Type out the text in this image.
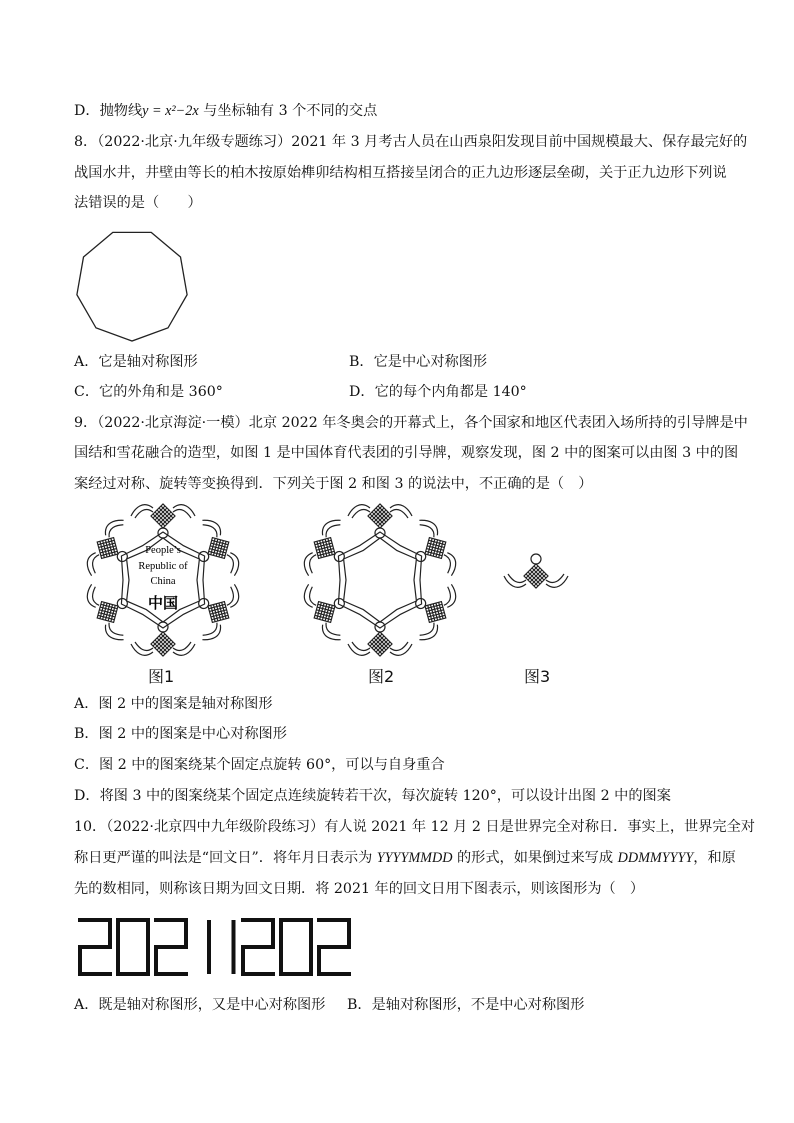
D．抛物线y = x²−2x 与坐标轴有 3 个不同的交点
8．（2022·北京·九年级专题练习）2021 年 3 月考古人员在山西泉阳发现目前中国规模最大、保存最完好的
战国水井，井壁由等长的柏木按原始榫卯结构相互搭接呈闭合的正九边形逐层垒砌，关于正九边形下列说
法错误的是（　　）
A．它是轴对称图形	B．它是中心对称图形
C．它的外角和是 360°	D．它的每个内角都是 140°
9．（2022·北京海淀·一模）北京 2022 年冬奥会的开幕式上，各个国家和地区代表团入场所持的引导牌是中
国结和雪花融合的造型，如图 1 是中国体育代表团的引导牌，观察发现，图 2 中的图案可以由图 3 中的图
案经过对称、旋转等变换得到．下列关于图 2 和图 3 的说法中，不正确的是（　）
People’s
Republic of
China
中国
图1	图2	图3
A．图 2 中的图案是轴对称图形
B．图 2 中的图案是中心对称图形
C．图 2 中的图案绕某个固定点旋转 60°，可以与自身重合
D．将图 3 中的图案绕某个固定点连续旋转若干次，每次旋转 120°，可以设计出图 2 中的图案
10．（2022·北京四中九年级阶段练习）有人说 2021 年 12 月 2 日是世界完全对称日．事实上，世界完全对
称日更严谨的叫法是“回文日”．将年月日表示为 YYYYMMDD 的形式，如果倒过来写成 DDMMYYYY，和原
先的数相同，则称该日期为回文日期．将 2021 年的回文日用下图表示，则该图形为（　）
A．既是轴对称图形，又是中心对称图形 B．是轴对称图形，不是中心对称图形
